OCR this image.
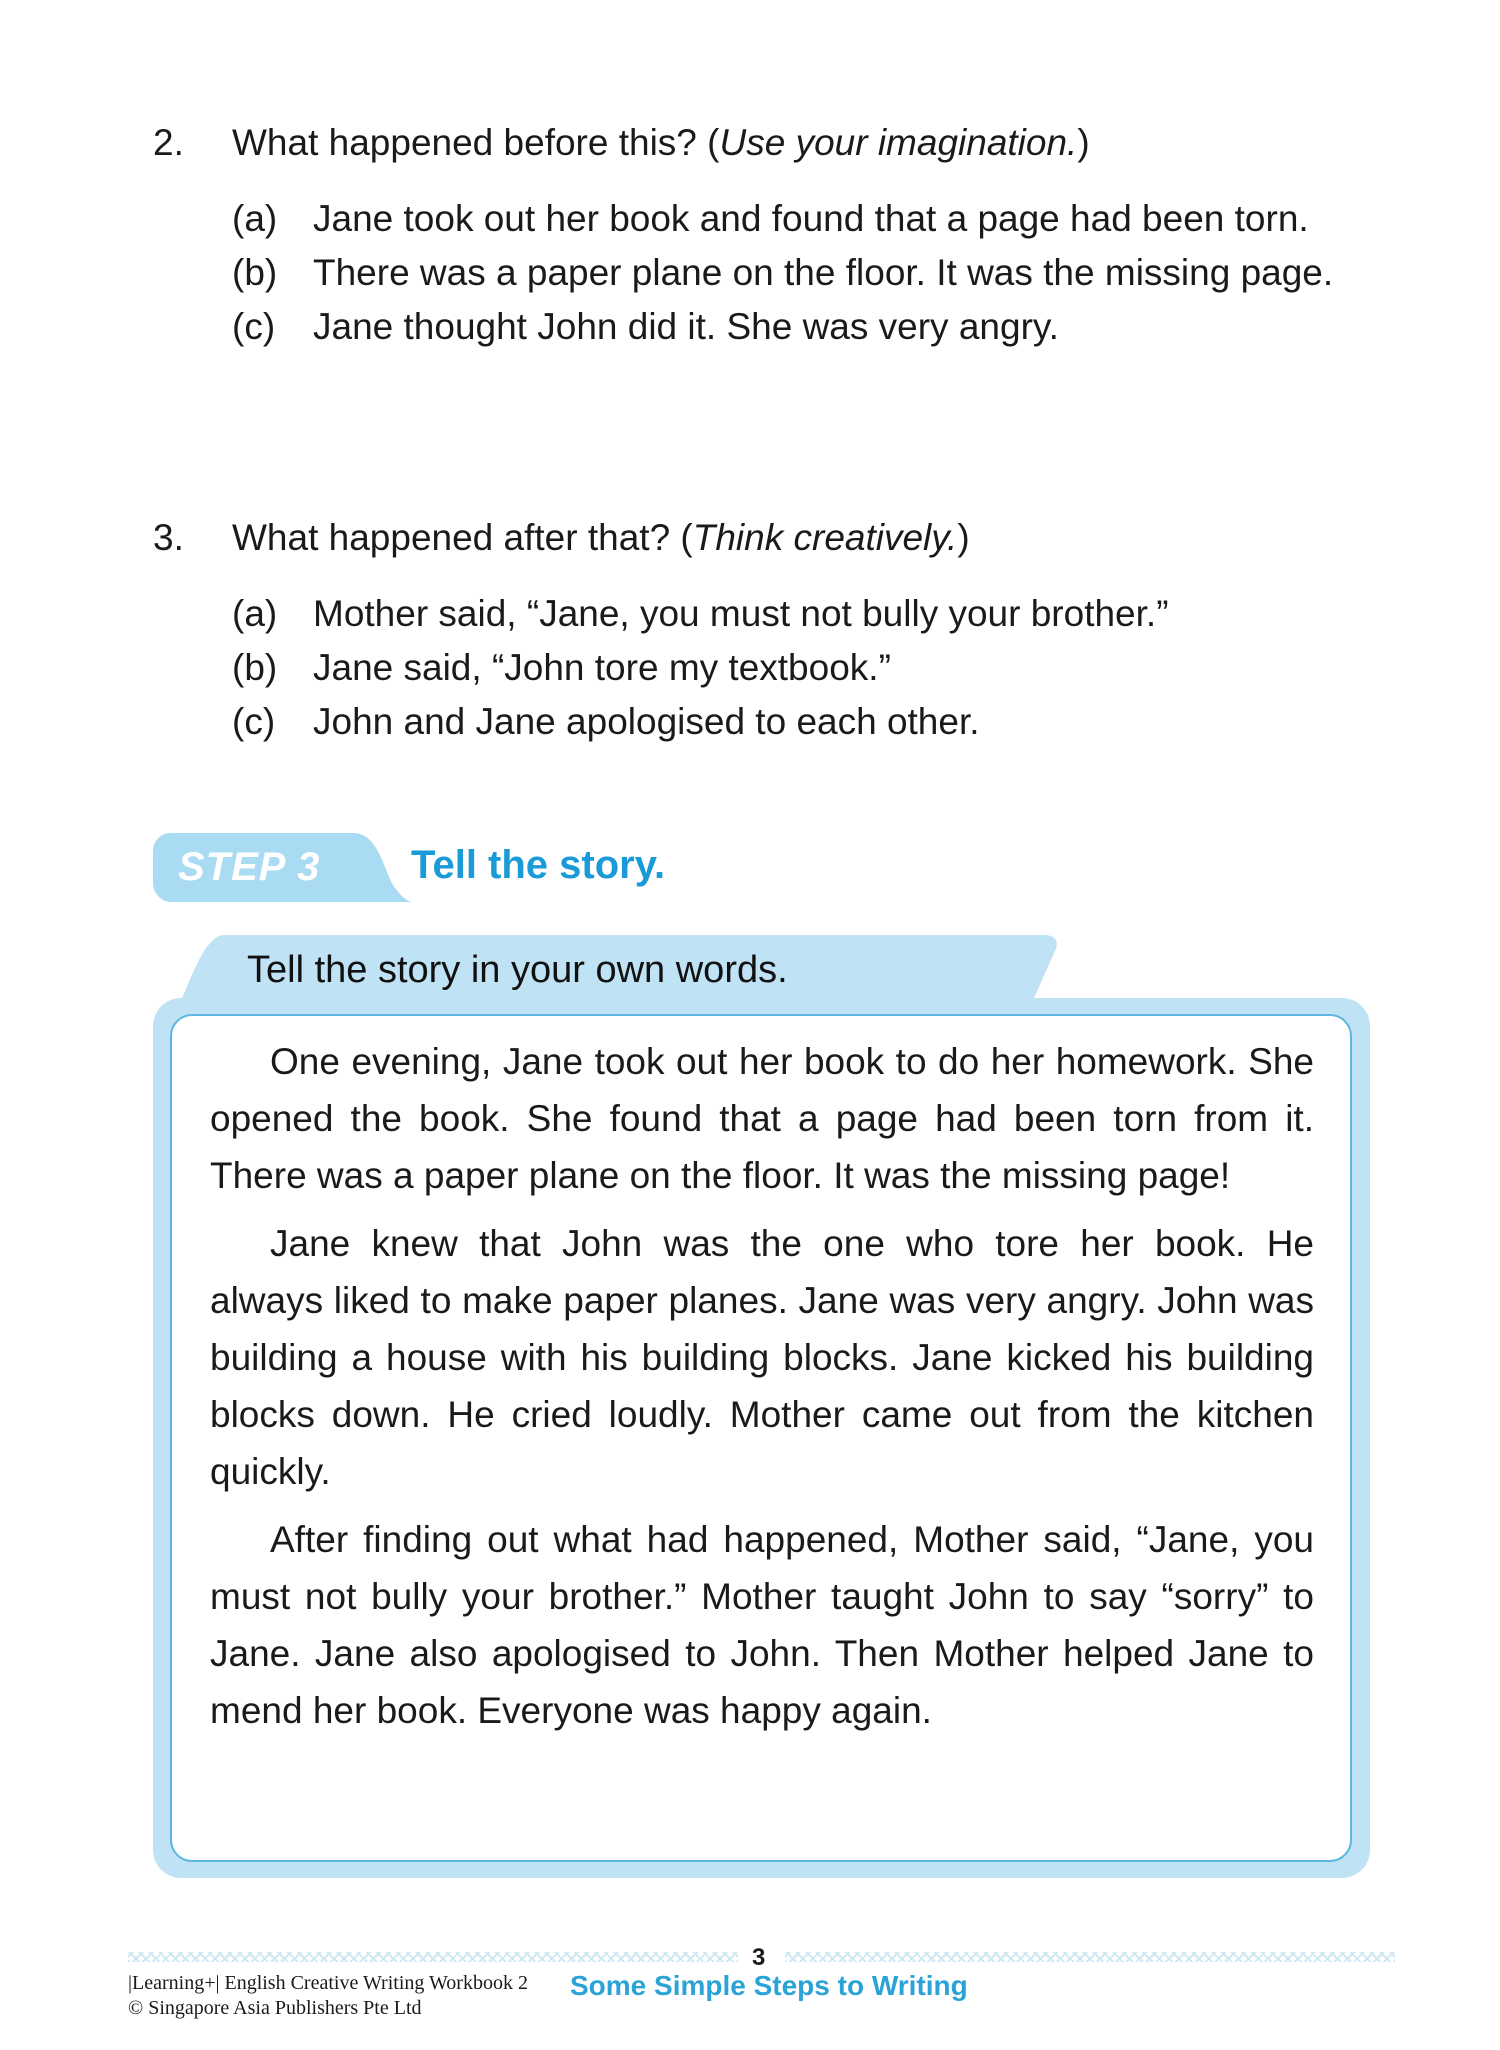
2. What happened before this? (Use your imagination.)
(a) Jane took out her book and found that a page had been torn.
(b) There was a paper plane on the floor. It was the missing page.
(c) Jane thought John did it. She was very angry.
3. What happened after that? (Think creatively.)
(a) Mother said, “Jane, you must not bully your brother.”
(b) Jane said, “John tore my textbook.”
(c) John and Jane apologised to each other.
STEP 3 Tell the story.
Tell the story in your own words.

One evening, Jane took out her book to do her homework. She opened the book. She found that a page had been torn from it. There was a paper plane on the floor. It was the missing page!

Jane knew that John was the one who tore her book. He always liked to make paper planes. Jane was very angry. John was building a house with his building blocks. Jane kicked his building blocks down. He cried loudly. Mother came out from the kitchen quickly.

After finding out what had happened, Mother said, “Jane, you must not bully your brother.” Mother taught John to say “sorry” to Jane. Jane also apologised to John. Then Mother helped Jane to mend her book. Everyone was happy again.

3
|Learning+| English Creative Writing Workbook 2
© Singapore Asia Publishers Pte Ltd
Some Simple Steps to Writing
